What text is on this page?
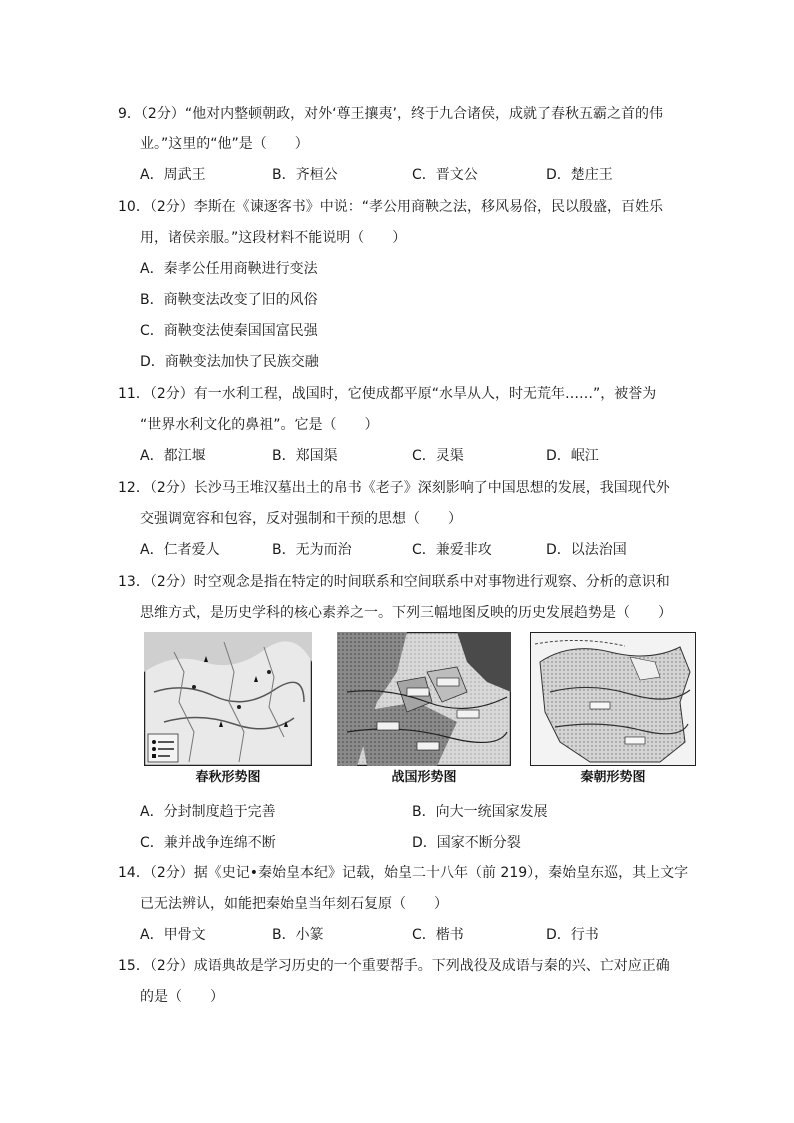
9．（2分）“他对内整顿朝政，对外‘尊王攘夷’，终于九合诸侯，成就了春秋五霸之首的伟
业。”这里的“他”是（　　）
A．周武王	B．齐桓公	C．晋文公	D．楚庄王
10．（2分）李斯在《谏逐客书》中说：“孝公用商鞅之法，移风易俗，民以殷盛，百姓乐
用，诸侯亲服。”这段材料不能说明（　　）
A．秦孝公任用商鞅进行变法
B．商鞅变法改变了旧的风俗
C．商鞅变法使秦国国富民强
D．商鞅变法加快了民族交融
11．（2分）有一水利工程，战国时，它使成都平原“水旱从人，时无荒年……”，被誉为
“世界水利文化的鼻祖”。它是（　　）
A．都江堰	B．郑国渠	C．灵渠	D．岷江
12．（2分）长沙马王堆汉墓出土的帛书《老子》深刻影响了中国思想的发展，我国现代外
交强调宽容和包容，反对强制和干预的思想（　　）
A．仁者爱人	B．无为而治	C．兼爱非攻	D．以法治国
13．（2分）时空观念是指在特定的时间联系和空间联系中对事物进行观察、分析的意识和
思维方式，是历史学科的核心素养之一。下列三幅地图反映的历史发展趋势是（　　）
春秋形势图	战国形势图	秦朝形势图
A．分封制度趋于完善	B．向大一统国家发展
C．兼并战争连绵不断	D．国家不断分裂
14．（2分）据《史记•秦始皇本纪》记载，始皇二十八年（前 219），秦始皇东巡，其上文字
已无法辨认，如能把秦始皇当年刻石复原（　　）
A．甲骨文	B．小篆	C．楷书	D．行书
15．（2分）成语典故是学习历史的一个重要帮手。下列战役及成语与秦的兴、亡对应正确
的是（　　）
